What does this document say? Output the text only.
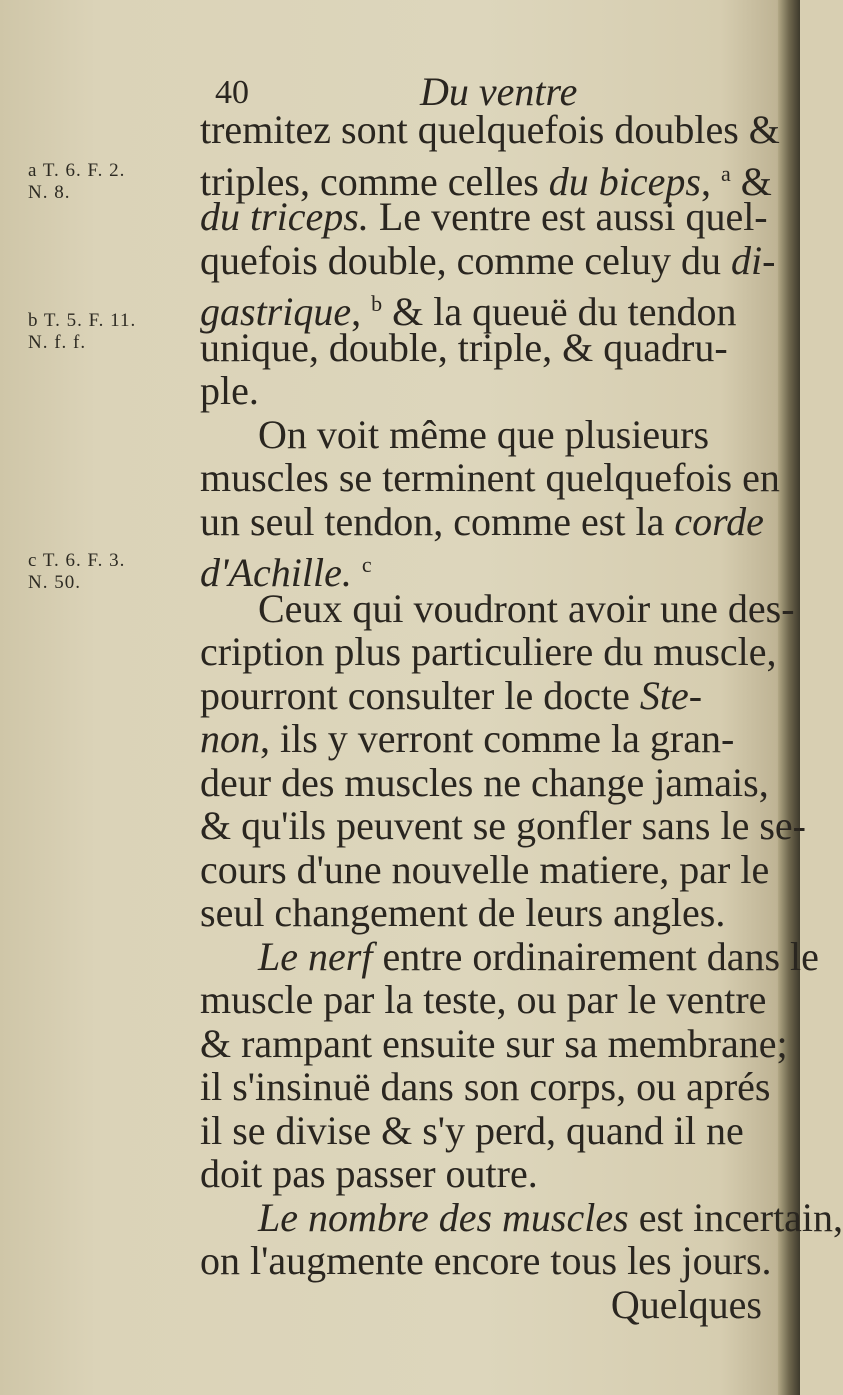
40	Du ventre
a T. 6. F. 2.
N. 8.
b T. 5. F. 11.
N. f. f.
c T. 6. F. 3.
N. 50.
tremitez sont quelquefois doubles &
triples, comme celles du biceps, $^a$ &
du triceps. Le ventre est aussi quel-
quefois double, comme celuy du di-
gastrique, $^b$ & la queuë du tendon
unique, double, triple, & quadru-
ple.
On voit même que plusieurs
muscles se terminent quelquefois en
un seul tendon, comme est la corde
d'Achille. $^c$
Ceux qui voudront avoir une des-
cription plus particuliere du muscle,
pourront consulter le docte Ste-
non, ils y verront comme la gran-
deur des muscles ne change jamais,
& qu'ils peuvent se gonfler sans le se-
cours d'une nouvelle matiere, par le
seul changement de leurs angles.
Le nerf entre ordinairement dans le
muscle par la teste, ou par le ventre
& rampant ensuite sur sa membrane;
il s'insinuë dans son corps, ou aprés
il se divise & s'y perd, quand il ne
doit pas passer outre.
Le nombre des muscles est incertain,
on l'augmente encore tous les jours.
Quelques
